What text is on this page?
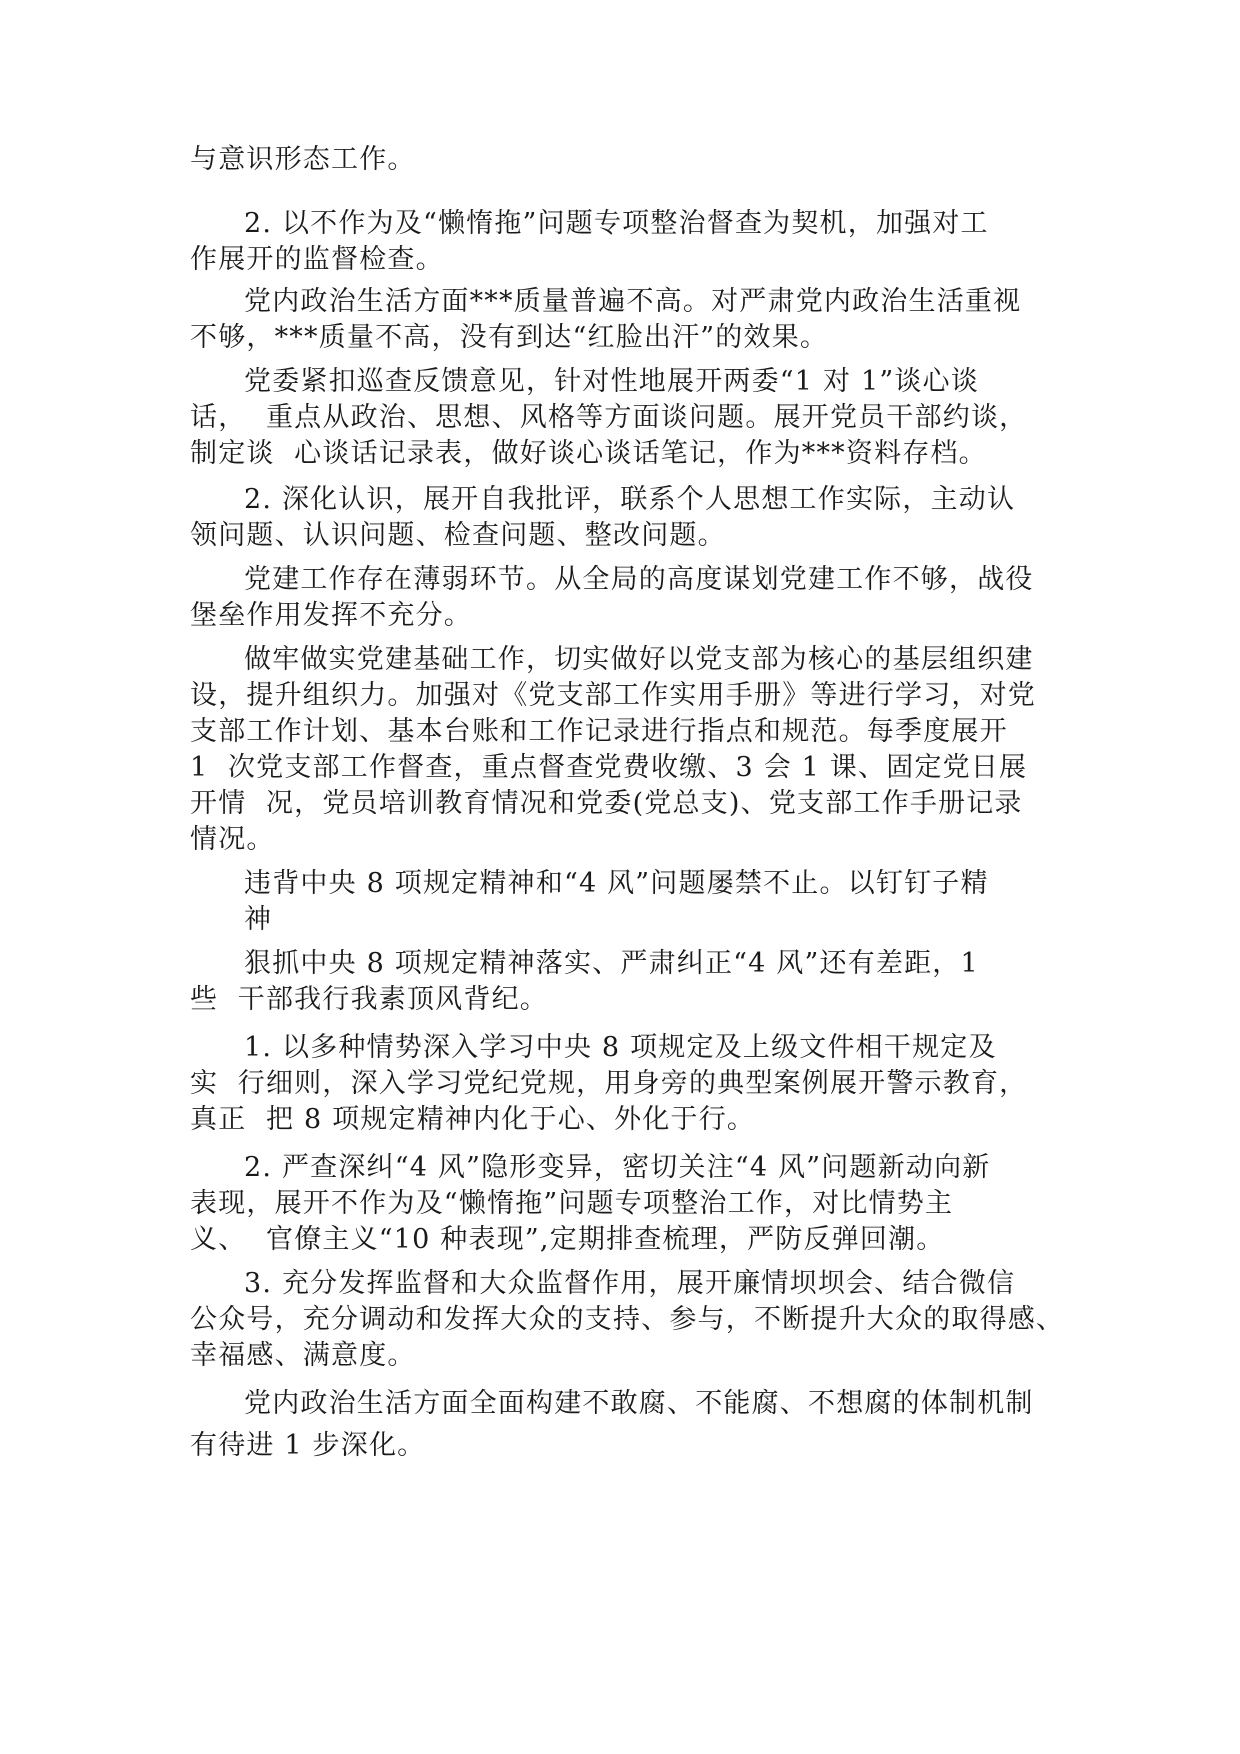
与意识形态工作。

2. 以不作为及“懒惰拖”问题专项整治督查为契机，加强对工

作展开的监督检查。

党内政治生活方面***质量普遍不高。对严肃党内政治生活重视

不够，***质量不高，没有到达“红脸出汗”的效果。

党委紧扣巡查反馈意见，针对性地展开两委“1 对 1”谈心谈

话，  重点从政治、思想、风格等方面谈问题。展开党员干部约谈，

制定谈  心谈话记录表，做好谈心谈话笔记，作为***资料存档。

2. 深化认识，展开自我批评，联系个人思想工作实际，主动认

领问题、认识问题、检查问题、整改问题。

党建工作存在薄弱环节。从全局的高度谋划党建工作不够，战役

堡垒作用发挥不充分。

做牢做实党建基础工作，切实做好以党支部为核心的基层组织建

设，提升组织力。加强对《党支部工作实用手册》等进行学习，对党

支部工作计划、基本台账和工作记录进行指点和规范。每季度展开

1  次党支部工作督查，重点督查党费收缴、3 会 1 课、固定党日展

开情  况，党员培训教育情况和党委(党总支)、党支部工作手册记录

情况。

违背中央 8 项规定精神和“4 风”问题屡禁不止。以钉钉子精

神

狠抓中央 8 项规定精神落实、严肃纠正“4 风”还有差距，1

些  干部我行我素顶风背纪。

1. 以多种情势深入学习中央 8 项规定及上级文件相干规定及

实  行细则，深入学习党纪党规，用身旁的典型案例展开警示教育，

真正  把 8 项规定精神内化于心、外化于行。

2. 严查深纠“4 风”隐形变异，密切关注“4 风”问题新动向新

表现，展开不作为及“懒惰拖”问题专项整治工作，对比情势主

义、  官僚主义“10 种表现”,定期排查梳理，严防反弹回潮。

3. 充分发挥监督和大众监督作用，展开廉情坝坝会、结合微信

公众号，充分调动和发挥大众的支持、参与，不断提升大众的取得感、

幸福感、满意度。

党内政治生活方面全面构建不敢腐、不能腐、不想腐的体制机制

有待进 1 步深化。
